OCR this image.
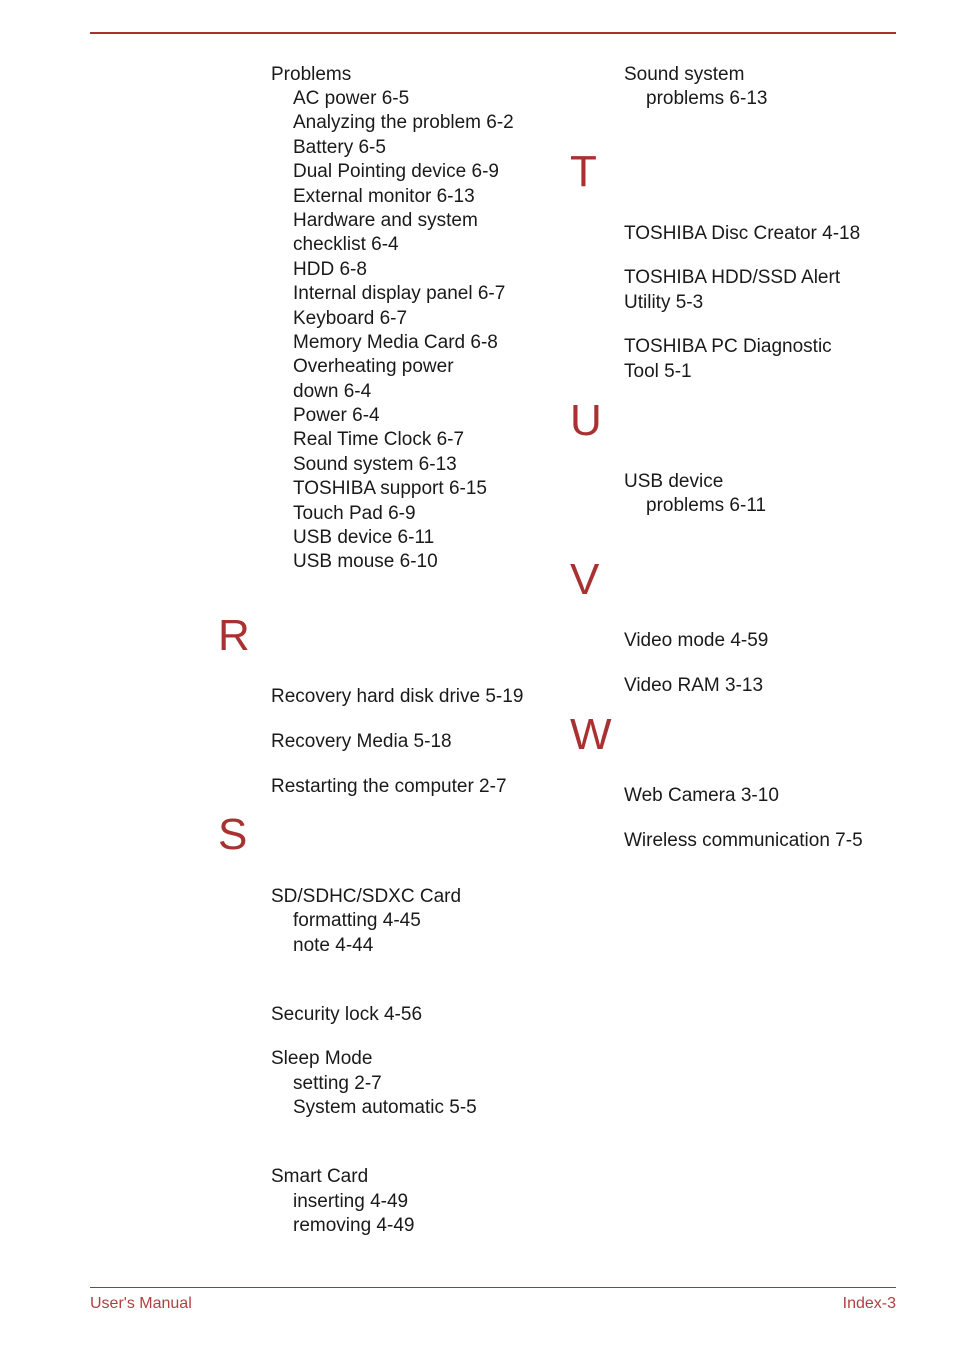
Problems
AC power 6-5
Analyzing the problem 6-2
Battery 6-5
Dual Pointing device 6-9
External monitor 6-13
Hardware and system
checklist 6-4
HDD 6-8
Internal display panel 6-7
Keyboard 6-7
Memory Media Card 6-8
Overheating power
down 6-4
Power 6-4
Real Time Clock 6-7
Sound system 6-13
TOSHIBA support 6-15
Touch Pad 6-9
USB device 6-11
USB mouse 6-10
R
Recovery hard disk drive 5-19
Recovery Media 5-18
Restarting the computer 2-7
S
SD/SDHC/SDXC Card
formatting 4-45
note 4-44
Security lock 4-56
Sleep Mode
setting 2-7
System automatic 5-5
Smart Card
inserting 4-49
removing 4-49
Sound system
problems 6-13
T
TOSHIBA Disc Creator 4-18
TOSHIBA HDD/SSD Alert
Utility 5-3
TOSHIBA PC Diagnostic
Tool 5-1
U
USB device
problems 6-11
V
Video mode 4-59
Video RAM 3-13
W
Web Camera 3-10
Wireless communication 7-5
User's Manual	Index-3
